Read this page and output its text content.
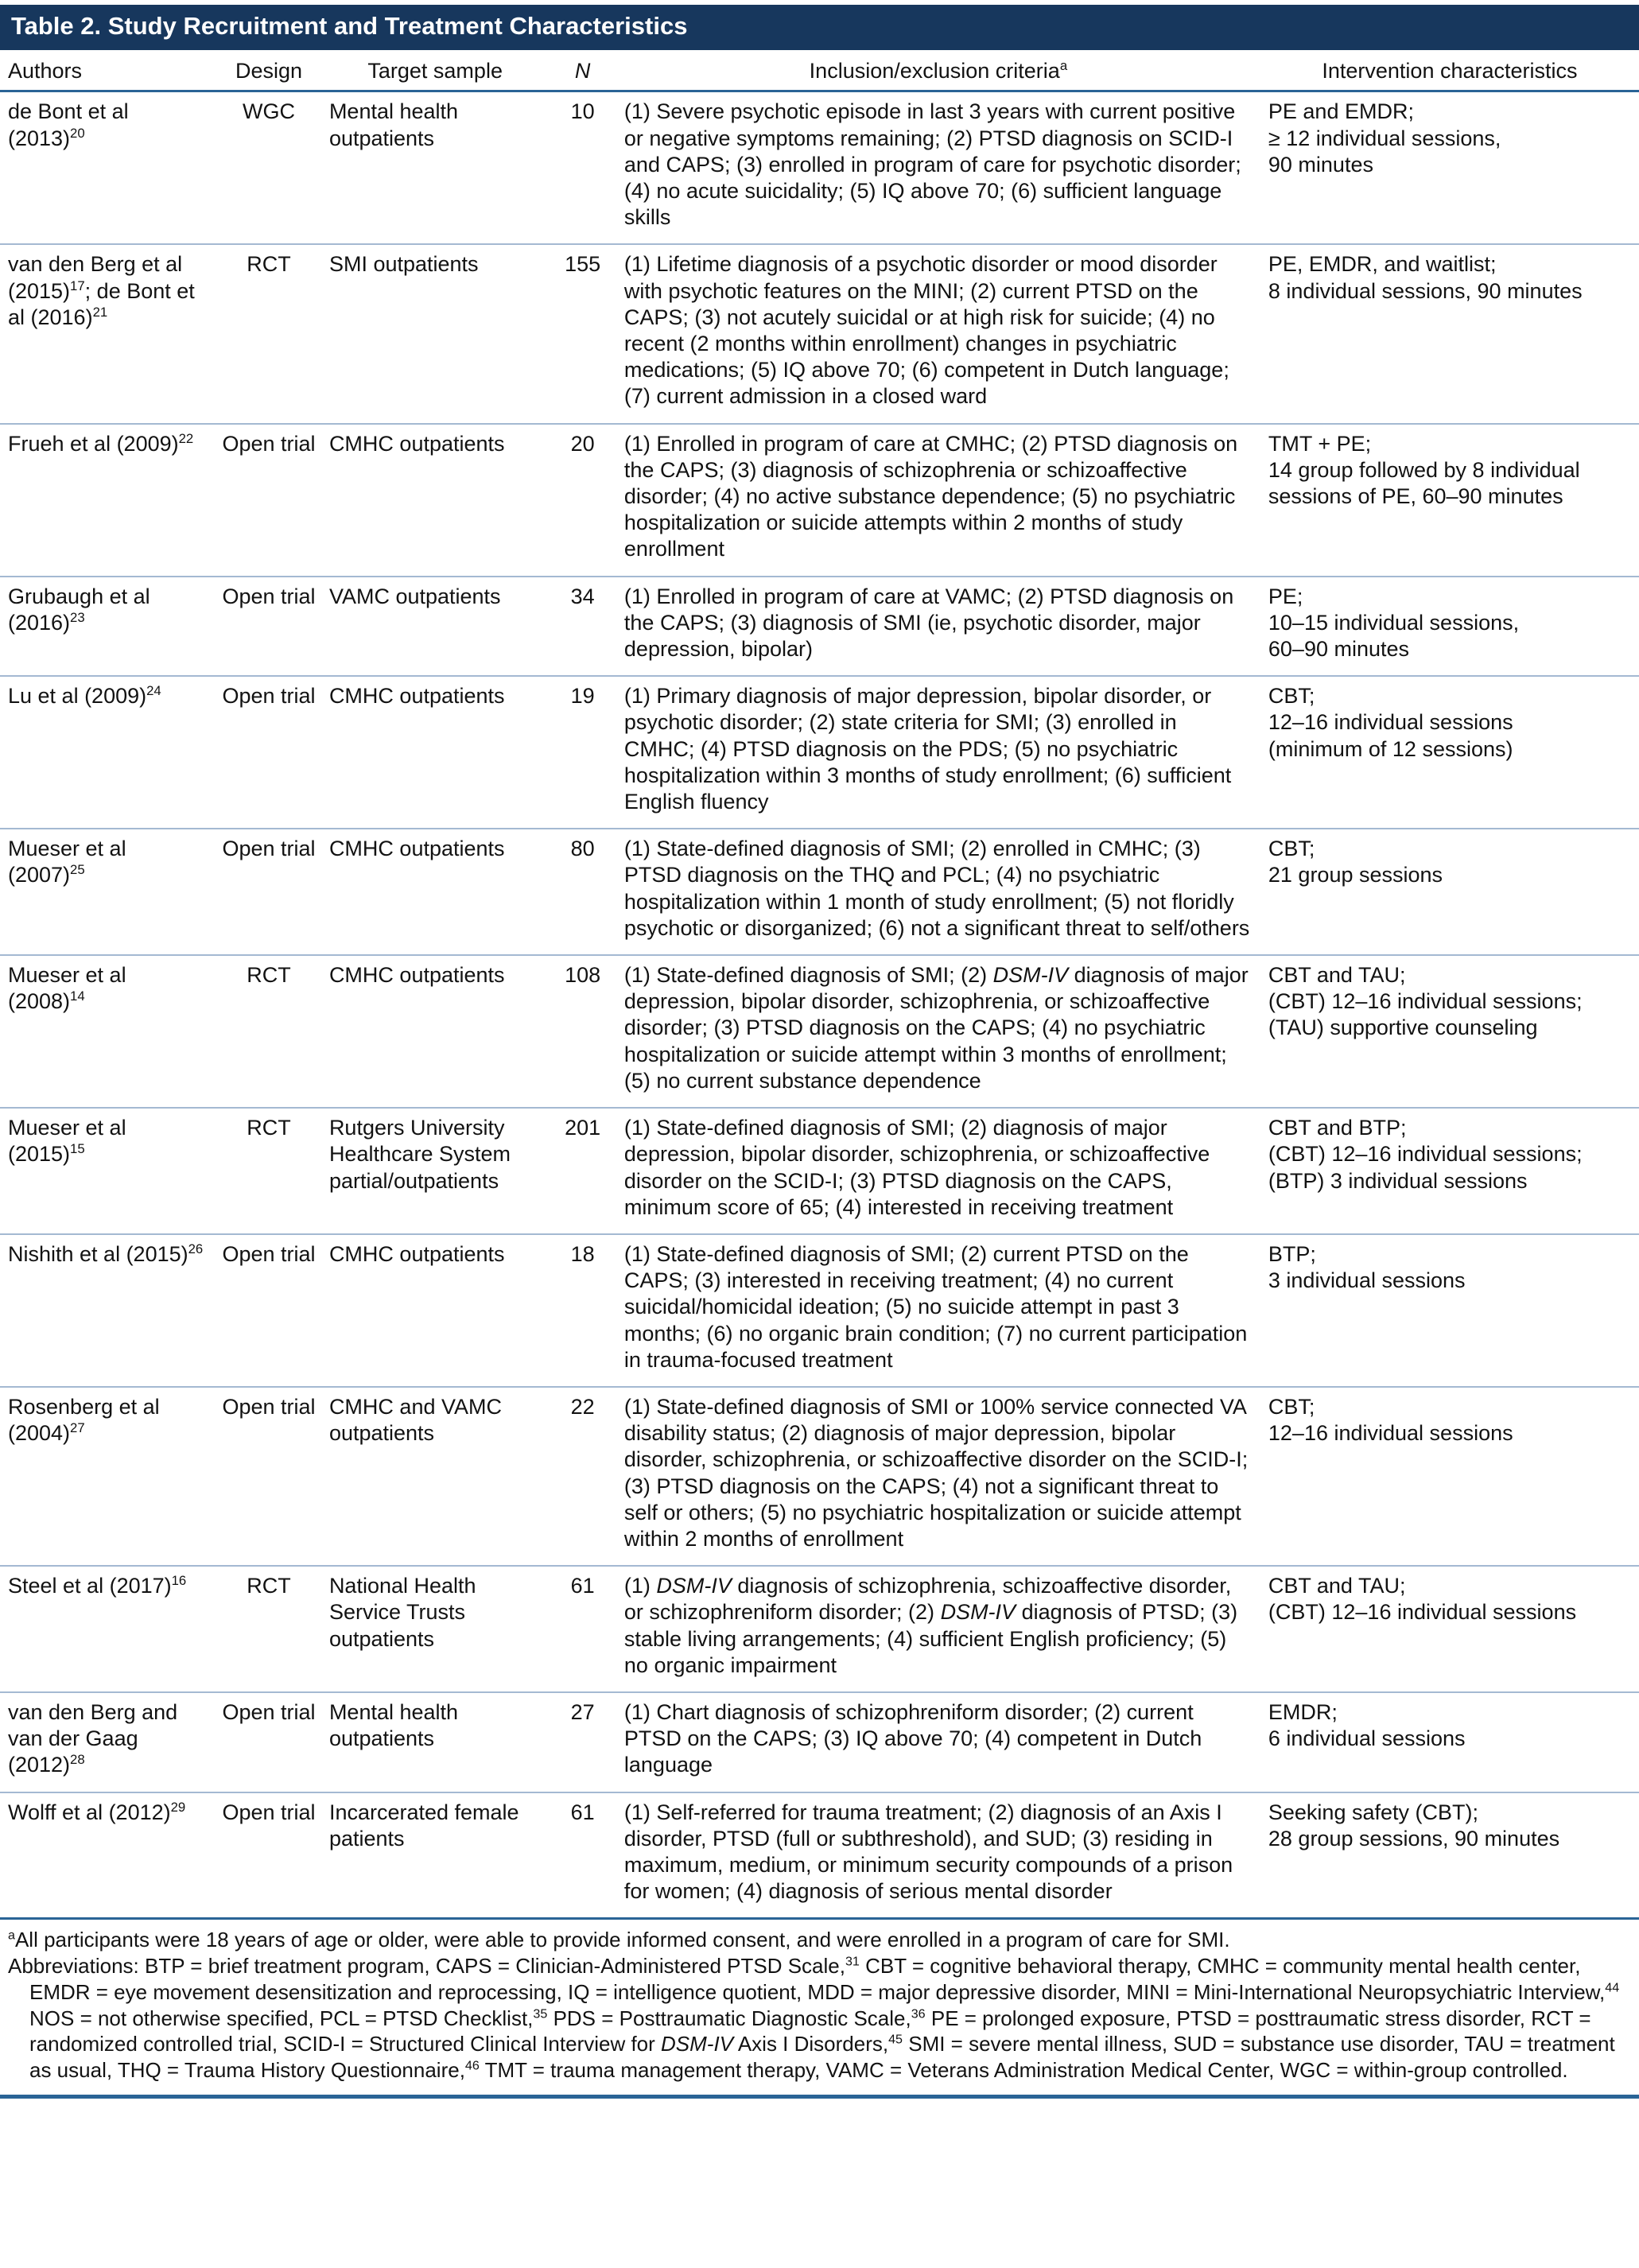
Table 2. Study Recruitment and Treatment Characteristics
Authors	Design	Target sample	N	Inclusion/exclusion criteria$^a$	Intervention characteristics
de Bont et al $(2013)^{20}$	WGC	Mental health outpatients	10	(1) Severe psychotic episode in last 3 years with current positive or negative symptoms remaining; (2) PTSD diagnosis on SCID-I and CAPS; (3) enrolled in program of care for psychotic disorder; (4) no acute suicidality; (5) IQ above 70; (6) sufficient language skills	PE and EMDR;
≥ 12 individual sessions,
90 minutes
van den Berg et al $(2015)^{17}$; de Bont et al $(2016)^{21}$	RCT	SMI outpatients	155	(1) Lifetime diagnosis of a psychotic disorder or mood disorder with psychotic features on the MINI; (2) current PTSD on the CAPS; (3) not acutely suicidal or at high risk for suicide; (4) no recent (2 months within enrollment) changes in psychiatric medications; (5) IQ above 70; (6) competent in Dutch language; (7) current admission in a closed ward	PE, EMDR, and waitlist;
8 individual sessions, 90 minutes
Frueh et al $(2009)^{22}$	Open trial	CMHC outpatients	20	(1) Enrolled in program of care at CMHC; (2) PTSD diagnosis on the CAPS; (3) diagnosis of schizophrenia or schizoaffective disorder; (4) no active substance dependence; (5) no psychiatric hospitalization or suicide attempts within 2 months of study enrollment	TMT + PE;
14 group followed by 8 individual sessions of PE, 60–90 minutes
Grubaugh et al $(2016)^{23}$	Open trial	VAMC outpatients	34	(1) Enrolled in program of care at VAMC; (2) PTSD diagnosis on the CAPS; (3) diagnosis of SMI (ie, psychotic disorder, major depression, bipolar)	PE;
10–15 individual sessions,
60–90 minutes
Lu et al $(2009)^{24}$	Open trial	CMHC outpatients	19	(1) Primary diagnosis of major depression, bipolar disorder, or psychotic disorder; (2) state criteria for SMI; (3) enrolled in CMHC; (4) PTSD diagnosis on the PDS; (5) no psychiatric hospitalization within 3 months of study enrollment; (6) sufficient English fluency	CBT;
12–16 individual sessions
(minimum of 12 sessions)
Mueser et al $(2007)^{25}$	Open trial	CMHC outpatients	80	(1) State-defined diagnosis of SMI; (2) enrolled in CMHC; (3) PTSD diagnosis on the THQ and PCL; (4) no psychiatric hospitalization within 1 month of study enrollment; (5) not floridly psychotic or disorganized; (6) not a significant threat to self/others	CBT;
21 group sessions
Mueser et al $(2008)^{14}$	RCT	CMHC outpatients	108	(1) State-defined diagnosis of SMI; (2) DSM-IV diagnosis of major depression, bipolar disorder, schizophrenia, or schizoaffective disorder; (3) PTSD diagnosis on the CAPS; (4) no psychiatric hospitalization or suicide attempt within 3 months of enrollment; (5) no current substance dependence	CBT and TAU;
(CBT) 12–16 individual sessions;
(TAU) supportive counseling
Mueser et al $(2015)^{15}$	RCT	Rutgers University Healthcare System partial/outpatients	201	(1) State-defined diagnosis of SMI; (2) diagnosis of major depression, bipolar disorder, schizophrenia, or schizoaffective disorder on the SCID-I; (3) PTSD diagnosis on the CAPS, minimum score of 65; (4) interested in receiving treatment	CBT and BTP;
(CBT) 12–16 individual sessions;
(BTP) 3 individual sessions
Nishith et al $(2015)^{26}$	Open trial	CMHC outpatients	18	(1) State-defined diagnosis of SMI; (2) current PTSD on the CAPS; (3) interested in receiving treatment; (4) no current suicidal/homicidal ideation; (5) no suicide attempt in past 3 months; (6) no organic brain condition; (7) no current participation in trauma-focused treatment	BTP;
3 individual sessions
Rosenberg et al $(2004)^{27}$	Open trial	CMHC and VAMC outpatients	22	(1) State-defined diagnosis of SMI or 100% service connected VA disability status; (2) diagnosis of major depression, bipolar disorder, schizophrenia, or schizoaffective disorder on the SCID-I; (3) PTSD diagnosis on the CAPS; (4) not a significant threat to self or others; (5) no psychiatric hospitalization or suicide attempt within 2 months of enrollment	CBT;
12–16 individual sessions
Steel et al $(2017)^{16}$	RCT	National Health Service Trusts outpatients	61	(1) DSM-IV diagnosis of schizophrenia, schizoaffective disorder, or schizophreniform disorder; (2) DSM-IV diagnosis of PTSD; (3) stable living arrangements; (4) sufficient English proficiency; (5) no organic impairment	CBT and TAU;
(CBT) 12–16 individual sessions
van den Berg and van der Gaag $(2012)^{28}$	Open trial	Mental health outpatients	27	(1) Chart diagnosis of schizophreniform disorder; (2) current PTSD on the CAPS; (3) IQ above 70; (4) competent in Dutch language	EMDR;
6 individual sessions
Wolff et al $(2012)^{29}$	Open trial	Incarcerated female patients	61	(1) Self-referred for trauma treatment; (2) diagnosis of an Axis I disorder, PTSD (full or subthreshold), and SUD; (3) residing in maximum, medium, or minimum security compounds of a prison for women; (4) diagnosis of serious mental disorder	Seeking safety (CBT);
28 group sessions, 90 minutes

$^a$All participants were 18 years of age or older, were able to provide informed consent, and were enrolled in a program of care for SMI.

Abbreviations: BTP = brief treatment program, CAPS = Clinician-Administered PTSD Scale,$^{31}$ CBT = cognitive behavioral therapy, CMHC = community mental health center, EMDR = eye movement desensitization and reprocessing, IQ = intelligence quotient, MDD = major depressive disorder, MINI = Mini-International Neuropsychiatric Interview,$^{44}$ NOS = not otherwise specified, PCL = PTSD Checklist,$^{35}$ PDS = Posttraumatic Diagnostic Scale,$^{36}$ PE = prolonged exposure, PTSD = posttraumatic stress disorder, RCT = randomized controlled trial, SCID-I = Structured Clinical Interview for DSM-IV Axis I Disorders,$^{45}$ SMI = severe mental illness, SUD = substance use disorder, TAU = treatment as usual, THQ = Trauma History Questionnaire,$^{46}$ TMT = trauma management therapy, VAMC = Veterans Administration Medical Center, WGC = within-group controlled.
